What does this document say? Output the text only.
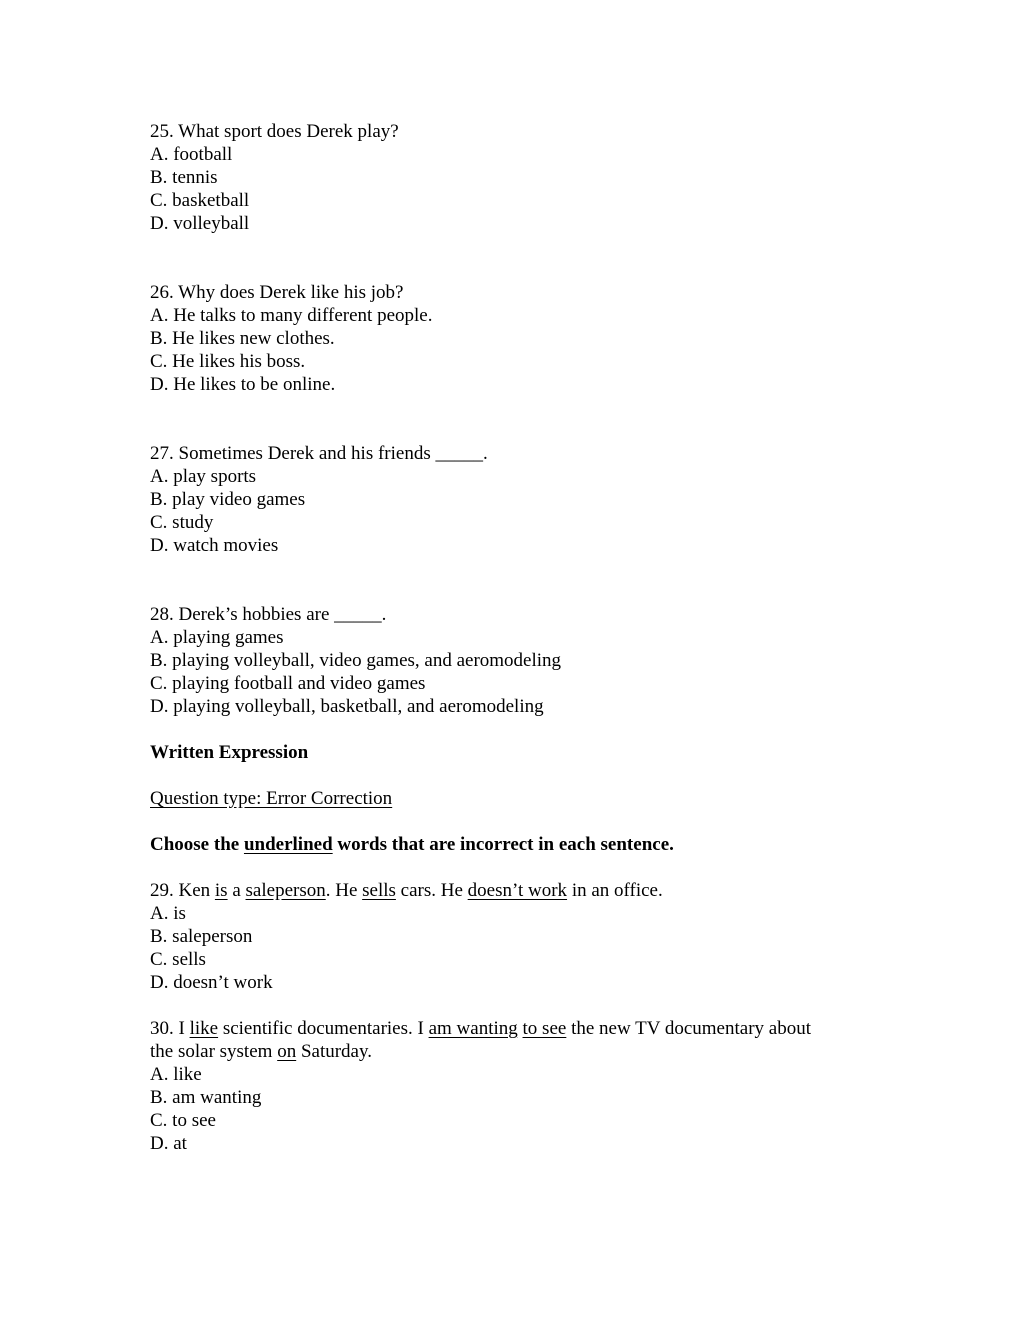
25. What sport does Derek play?
A. football
B. tennis
C. basketball
D. volleyball
26. Why does Derek like his job?
A. He talks to many different people.
B. He likes new clothes.
C. He likes his boss.
D. He likes to be online.
27. Sometimes Derek and his friends _____.
A. play sports
B. play video games
C. study
D. watch movies
28. Derek’s hobbies are _____.
A. playing games
B. playing volleyball, video games, and aeromodeling
C. playing football and video games
D. playing volleyball, basketball, and aeromodeling
Written Expression
Question type: Error Correction
Choose the underlined words that are incorrect in each sentence.
29. Ken is a saleperson. He sells cars. He doesn’t work in an office.
A. is
B. saleperson
C. sells
D. doesn’t work
30. I like scientific documentaries. I am wanting to see the new TV documentary about
the solar system on Saturday.
A. like
B. am wanting
C. to see
D. at
